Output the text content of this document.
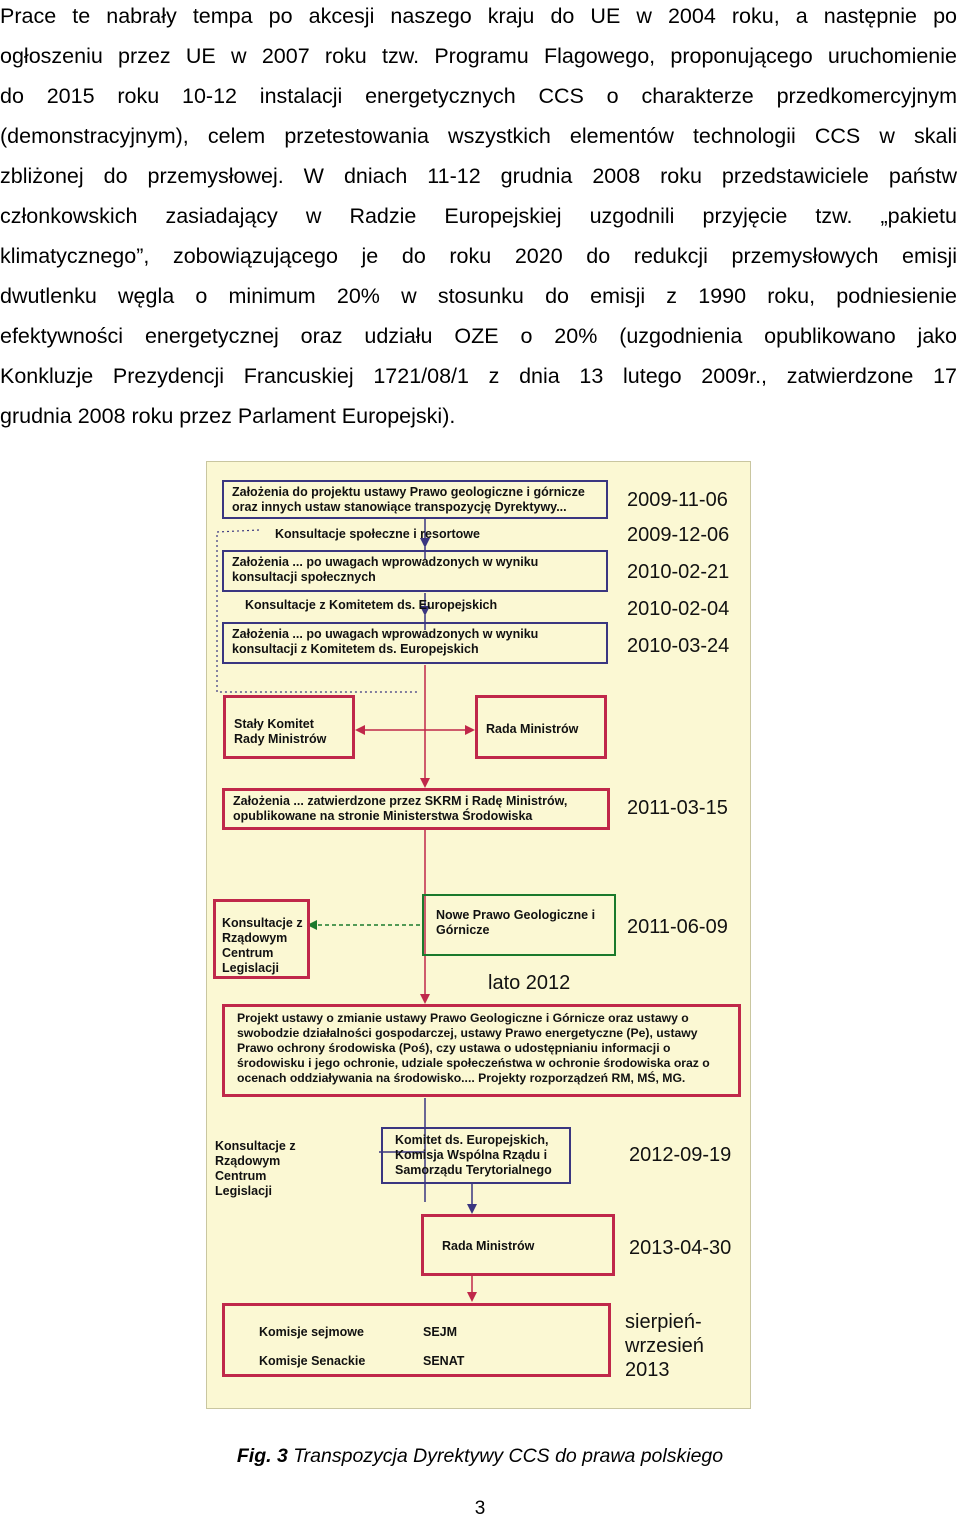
Prace te nabrały tempa po akcesji naszego kraju do UE w 2004 roku, a następnie po
ogłoszeniu przez UE w 2007 roku tzw. Programu Flagowego, proponującego uruchomienie
do 2015 roku 10-12 instalacji energetycznych CCS o charakterze przedkomercyjnym
(demonstracyjnym), celem przetestowania wszystkich elementów technologii CCS w skali
zbliżonej do przemysłowej. W dniach 11-12 grudnia 2008 roku przedstawiciele państw
członkowskich zasiadający w Radzie Europejskiej uzgodnili przyjęcie tzw. „pakietu
klimatycznego”, zobowiązującego je do roku 2020 do redukcji przemysłowych emisji
dwutlenku węgla o minimum 20% w stosunku do emisji z 1990 roku, podniesienie
efektywności energetycznej oraz udziału OZE o 20% (uzgodnienia opublikowano jako
Konkluzje Prezydencji Francuskiej 1721/08/1 z dnia 13 lutego 2009r., zatwierdzone 17
grudnia 2008 roku przez Parlament Europejski).
Założenia do projektu ustawy Prawo geologiczne i górnicze oraz innych ustaw stanowiące transpozycję Dyrektywy...
Konsultacje społeczne i resortowe
Założenia ... po uwagach wprowadzonych w wyniku konsultacji społecznych
Konsultacje z Komitetem ds. Europejskich
Założenia ... po uwagach wprowadzonych w wyniku konsultacji z Komitetem ds. Europejskich
Stały Komitet Rady Ministrów
Rada Ministrów
Założenia ... zatwierdzone przez SKRM i Radę Ministrów, opublikowane na stronie Ministerstwa Środowiska
Konsultacje z Rządowym Centrum Legislacji
Nowe Prawo Geologiczne i Górnicze
Projekt ustawy o zmianie ustawy Prawo Geologiczne i Górnicze oraz ustawy o swobodzie działalności gospodarczej, ustawy Prawo energetyczne (Pe), ustawy Prawo ochrony środowiska (Poś), czy ustawa o udostępnianiu informacji o środowisku i jego ochronie, udziale społeczeństwa w ochronie środowiska oraz o ocenach oddziaływania na środowisko.... Projekty rozporządzeń RM, MŚ, MG.
Konsultacje z Rządowym Centrum Legislacji
Komitet ds. Europejskich, Komisja Wspólna Rządu i Samorządu Terytorialnego
Rada Ministrów
Komisje sejmowe	SEJM
Komisje Senackie	SENAT
2009-11-06
2009-12-06
2010-02-21
2010-02-04
2010-03-24
2011-03-15
2011-06-09
lato 2012
2012-09-19
2013-04-30
sierpień- wrzesień 2013
Fig. 3 Transpozycja Dyrektywy CCS do prawa polskiego
3
